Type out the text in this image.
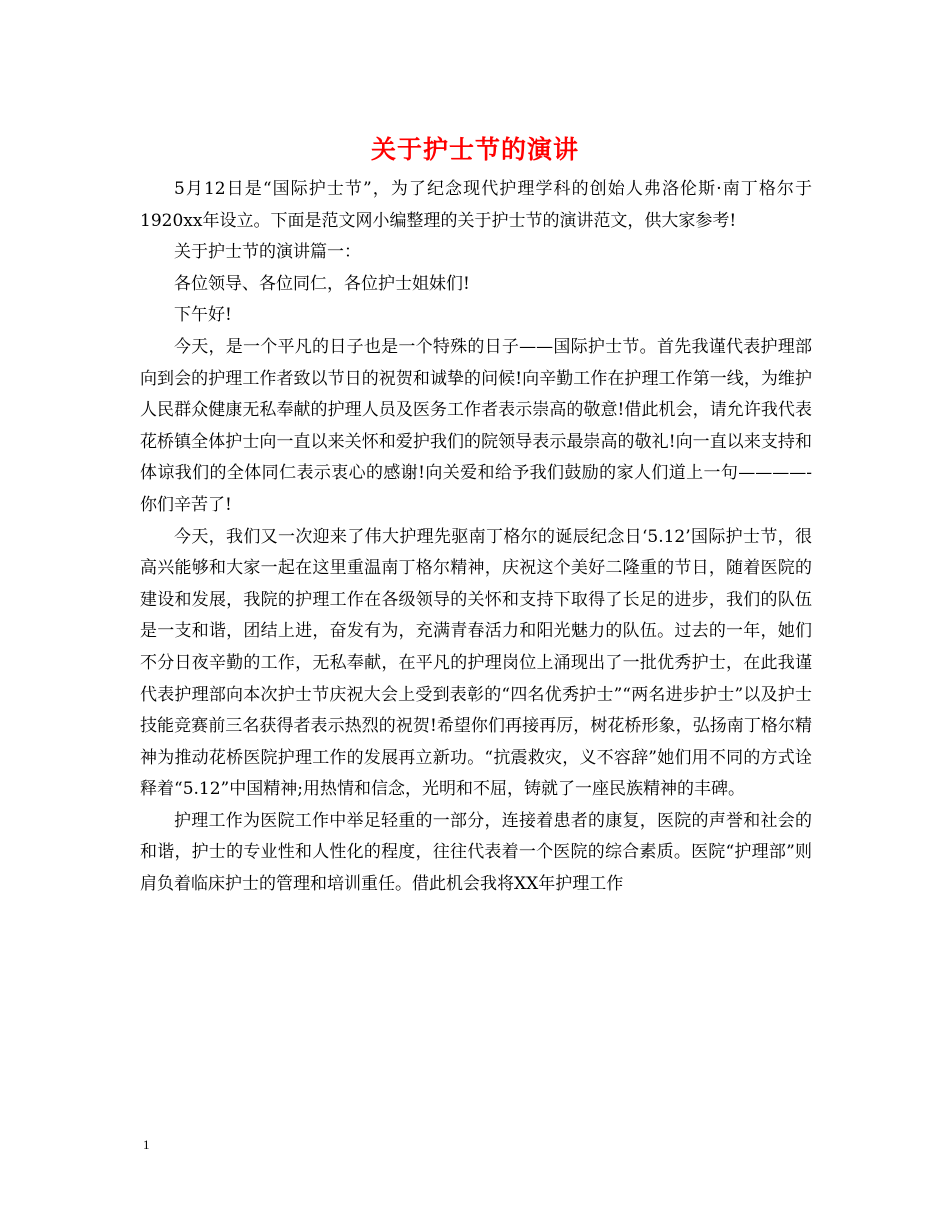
关于护士节的演讲

5月12日是“国际护士节”，为了纪念现代护理学科的创始人弗洛伦斯·南丁格尔于1920xx年设立。下面是范文网小编整理的关于护士节的演讲范文，供大家参考!

关于护士节的演讲篇一：

各位领导、各位同仁，各位护士姐妹们!

下午好!

今天，是一个平凡的日子也是一个特殊的日子——国际护士节。首先我谨代表护理部向到会的护理工作者致以节日的祝贺和诚挚的问候!向辛勤工作在护理工作第一线，为维护人民群众健康无私奉献的护理人员及医务工作者表示崇高的敬意!借此机会，请允许我代表花桥镇全体护士向一直以来关怀和爱护我们的院领导表示最崇高的敬礼!向一直以来支持和体谅我们的全体同仁表示衷心的感谢!向关爱和给予我们鼓励的家人们道上一句————-你们辛苦了!

今天，我们又一次迎来了伟大护理先驱南丁格尔的诞辰纪念日‘5.12’国际护士节，很高兴能够和大家一起在这里重温南丁格尔精神，庆祝这个美好二隆重的节日，随着医院的建设和发展，我院的护理工作在各级领导的关怀和支持下取得了长足的进步，我们的队伍是一支和谐，团结上进，奋发有为，充满青春活力和阳光魅力的队伍。过去的一年，她们不分日夜辛勤的工作，无私奉献，在平凡的护理岗位上涌现出了一批优秀护士，在此我谨代表护理部向本次护士节庆祝大会上受到表彰的“四名优秀护士”“两名进步护士”以及护士技能竞赛前三名获得者表示热烈的祝贺!希望你们再接再厉，树花桥形象，弘扬南丁格尔精神为推动花桥医院护理工作的发展再立新功。“抗震救灾，义不容辞”她们用不同的方式诠释着“5.12”中国精神;用热情和信念，光明和不屈，铸就了一座民族精神的丰碑。

护理工作为医院工作中举足轻重的一部分，连接着患者的康复，医院的声誉和社会的和谐，护士的专业性和人性化的程度，往往代表着一个医院的综合素质。医院“护理部”则肩负着临床护士的管理和培训重任。借此机会我将XX年护理工作

1
